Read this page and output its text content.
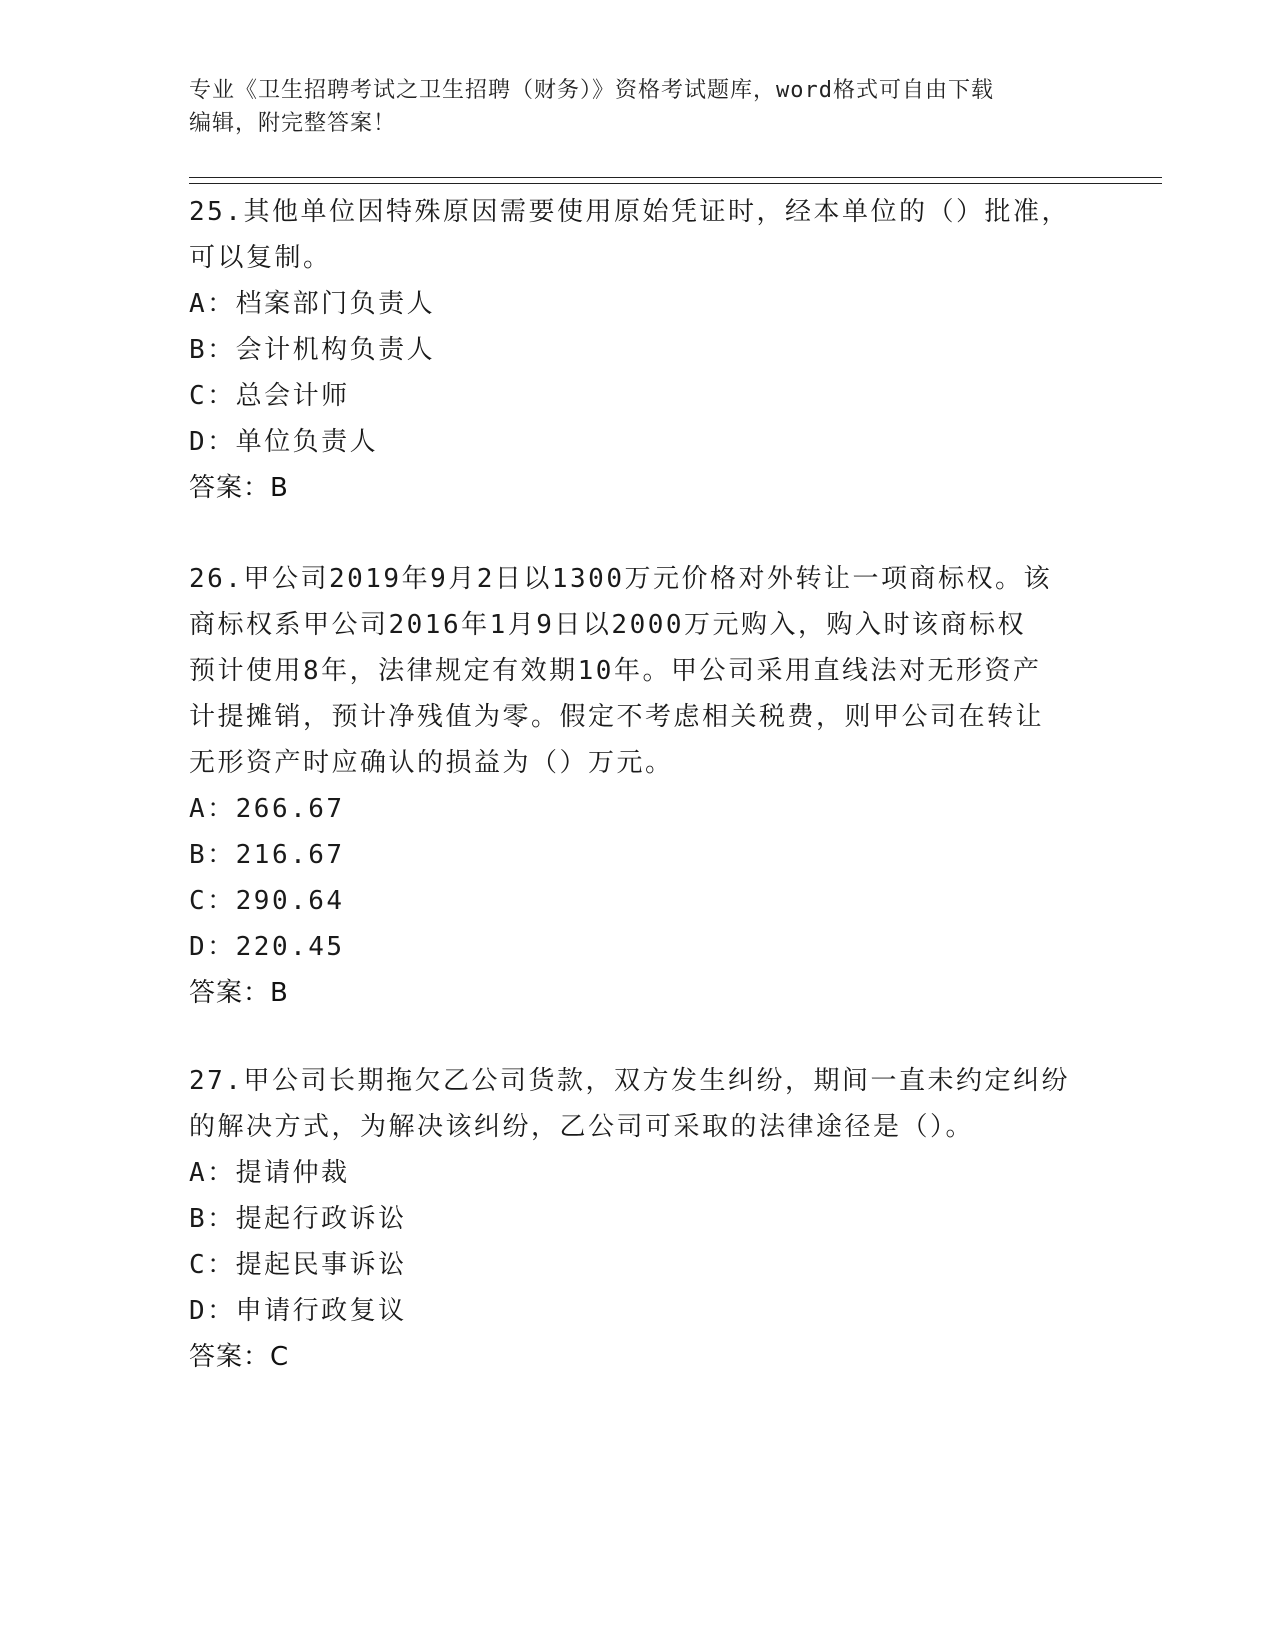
专业《卫生招聘考试之卫生招聘（财务）》资格考试题库，word格式可自由下载
编辑，附完整答案！
25.其他单位因特殊原因需要使用原始凭证时，经本单位的（）批准，
可以复制。
A：档案部门负责人
B：会计机构负责人
C：总会计师
D：单位负责人
答案：B
26.甲公司2019年9月2日以1300万元价格对外转让一项商标权。该
商标权系甲公司2016年1月9日以2000万元购入，购入时该商标权
预计使用8年，法律规定有效期10年。甲公司采用直线法对无形资产
计提摊销，预计净残值为零。假定不考虑相关税费，则甲公司在转让
无形资产时应确认的损益为（）万元。
A：266.67
B：216.67
C：290.64
D：220.45
答案：B
27.甲公司长期拖欠乙公司货款，双方发生纠纷，期间一直未约定纠纷
的解决方式，为解决该纠纷，乙公司可采取的法律途径是（）。
A：提请仲裁
B：提起行政诉讼
C：提起民事诉讼
D：申请行政复议
答案：C
